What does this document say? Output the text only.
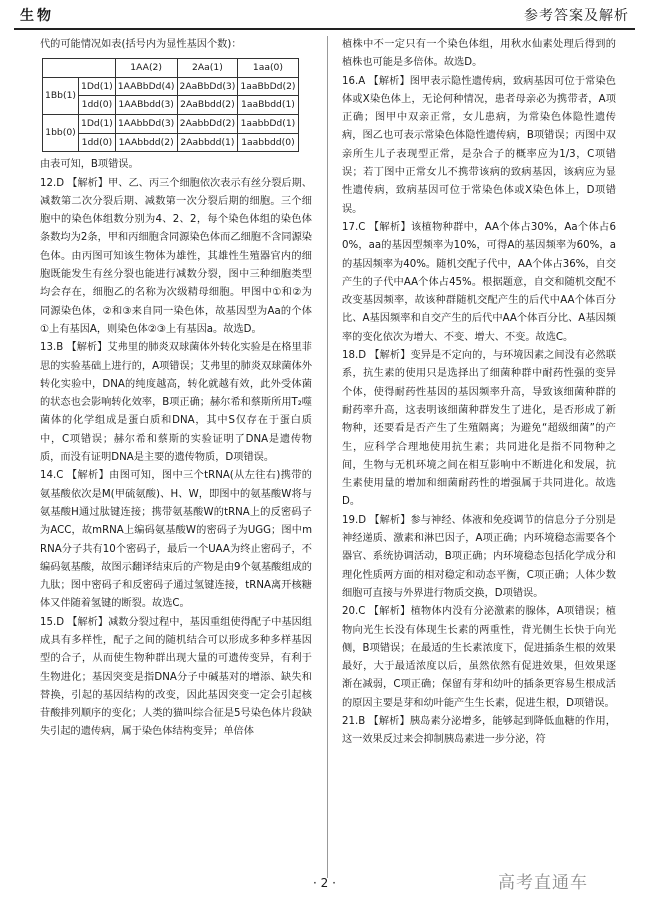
生物	参考答案及解析

代的可能情况如表(括号内为显性基因个数)：

		1AA(2)	2Aa(1)	1aa(0)
1Bb(1)	1Dd(1)	1AABbDd(4)	2AaBbDd(3)	1aaBbDd(2)
	1dd(0)	1AABbdd(3)	2AaBbdd(2)	1aaBbdd(1)
1bb(0)	1Dd(1)	1AAbbDd(3)	2AabbDd(2)	1aabbDd(1)
	1dd(0)	1AAbbdd(2)	2Aabbdd(1)	1aabbdd(0)

由表可知，B项错误。

12.D 【解析】甲、乙、丙三个细胞依次表示有丝分裂后期、减数第二次分裂后期、减数第一次分裂后期的细胞。三个细胞中的染色体组数分别为4、2、2，每个染色体组的染色体条数均为2条，甲和丙细胞含同源染色体而乙细胞不含同源染色体。由丙图可知该生物体为雄性，其雄性生殖器官内的细胞既能发生有丝分裂也能进行减数分裂，图中三种细胞类型均会存在，细胞乙的名称为次级精母细胞。甲图中①和②为同源染色体，②和③来自同一染色体，故基因型为Aa的个体①上有基因A，则染色体②③上有基因a。故选D。

13.B 【解析】艾弗里的肺炎双球菌体外转化实验是在格里菲思的实验基础上进行的，A项错误；艾弗里的肺炎双球菌体外转化实验中，DNA的纯度越高，转化就越有效，此外受体菌的状态也会影响转化效率，B项正确；赫尔希和蔡斯所用T₂噬菌体的化学组成是蛋白质和DNA，其中S仅存在于蛋白质中，C项错误；赫尔希和蔡斯的实验证明了DNA是遗传物质，而没有证明DNA是主要的遗传物质，D项错误。

14.C 【解析】由图可知，图中三个tRNA(从左往右)携带的氨基酸依次是M(甲硫氨酸)、H、W，即图中的氨基酸W将与氨基酸H通过肽键连接；携带氨基酸W的tRNA上的反密码子为ACC，故mRNA上编码氨基酸W的密码子为UGG；图中mRNA分子共有10个密码子，最后一个UAA为终止密码子，不编码氨基酸，故图示翻译结束后的产物是由9个氨基酸组成的九肽；图中密码子和反密码子通过氢键连接，tRNA离开核糖体又伴随着氢键的断裂。故选C。

15.D 【解析】减数分裂过程中，基因重组使得配子中基因组成具有多样性，配子之间的随机结合可以形成多种多样基因型的合子，从而使生物种群出现大量的可遗传变异，有利于生物进化；基因突变是指DNA分子中碱基对的增添、缺失和替换，引起的基因结构的改变，因此基因突变一定会引起核苷酸排列顺序的变化；人类的猫叫综合征是5号染色体片段缺失引起的遗传病，属于染色体结构变异；单倍体

植株中不一定只有一个染色体组，用秋水仙素处理后得到的植株也可能是多倍体。故选D。

16.A 【解析】图甲表示隐性遗传病，致病基因可位于常染色体或X染色体上，无论何种情况，患者母亲必为携带者，A项正确；图甲中双亲正常，女儿患病，为常染色体隐性遗传病，图乙也可表示常染色体隐性遗传病，B项错误；丙图中双亲所生儿子表现型正常，是杂合子的概率应为1/3，C项错误；若丁图中正常女儿不携带该病的致病基因，该病应为显性遗传病，致病基因可位于常染色体或X染色体上，D项错误。

17.C 【解析】该植物种群中，AA个体占30%，Aa个体占60%，aa的基因型频率为10%，可得A的基因频率为60%，a的基因频率为40%。随机交配子代中，AA个体占36%，自交产生的子代中AA个体占45%。根据题意，自交和随机交配不改变基因频率，故该种群随机交配产生的后代中AA个体百分比、A基因频率和自交产生的后代中AA个体百分比、A基因频率的变化依次为增大、不变、增大、不变。故选C。

18.D 【解析】变异是不定向的，与环境因素之间没有必然联系，抗生素的使用只是选择出了细菌种群中耐药性强的变异个体，使得耐药性基因的基因频率升高，导致该细菌种群的耐药率升高，这表明该细菌种群发生了进化，是否形成了新物种，还要看是否产生了生殖隔离；为避免“超级细菌”的产生，应科学合理地使用抗生素；共同进化是指不同物种之间，生物与无机环境之间在相互影响中不断进化和发展，抗生素使用量的增加和细菌耐药性的增强属于共同进化。故选D。

19.D 【解析】参与神经、体液和免疫调节的信息分子分别是神经递质、激素和淋巴因子，A项正确；内环境稳态需要各个器官、系统协调活动，B项正确；内环境稳态包括化学成分和理化性质两方面的相对稳定和动态平衡，C项正确；人体少数细胞可直接与外界进行物质交换，D项错误。

20.C 【解析】植物体内没有分泌激素的腺体，A项错误；植物向光生长没有体现生长素的两重性，背光侧生长快于向光侧，B项错误；在最适的生长素浓度下，促进插条生根的效果最好，大于最适浓度以后，虽然依然有促进效果，但效果逐渐在减弱，C项正确；保留有芽和幼叶的插条更容易生根成活的原因主要是芽和幼叶能产生生长素，促进生根，D项错误。

21.B 【解析】胰岛素分泌增多，能够起到降低血糖的作用，这一效果反过来会抑制胰岛素进一步分泌，符

· 2 ·	高考直通车
